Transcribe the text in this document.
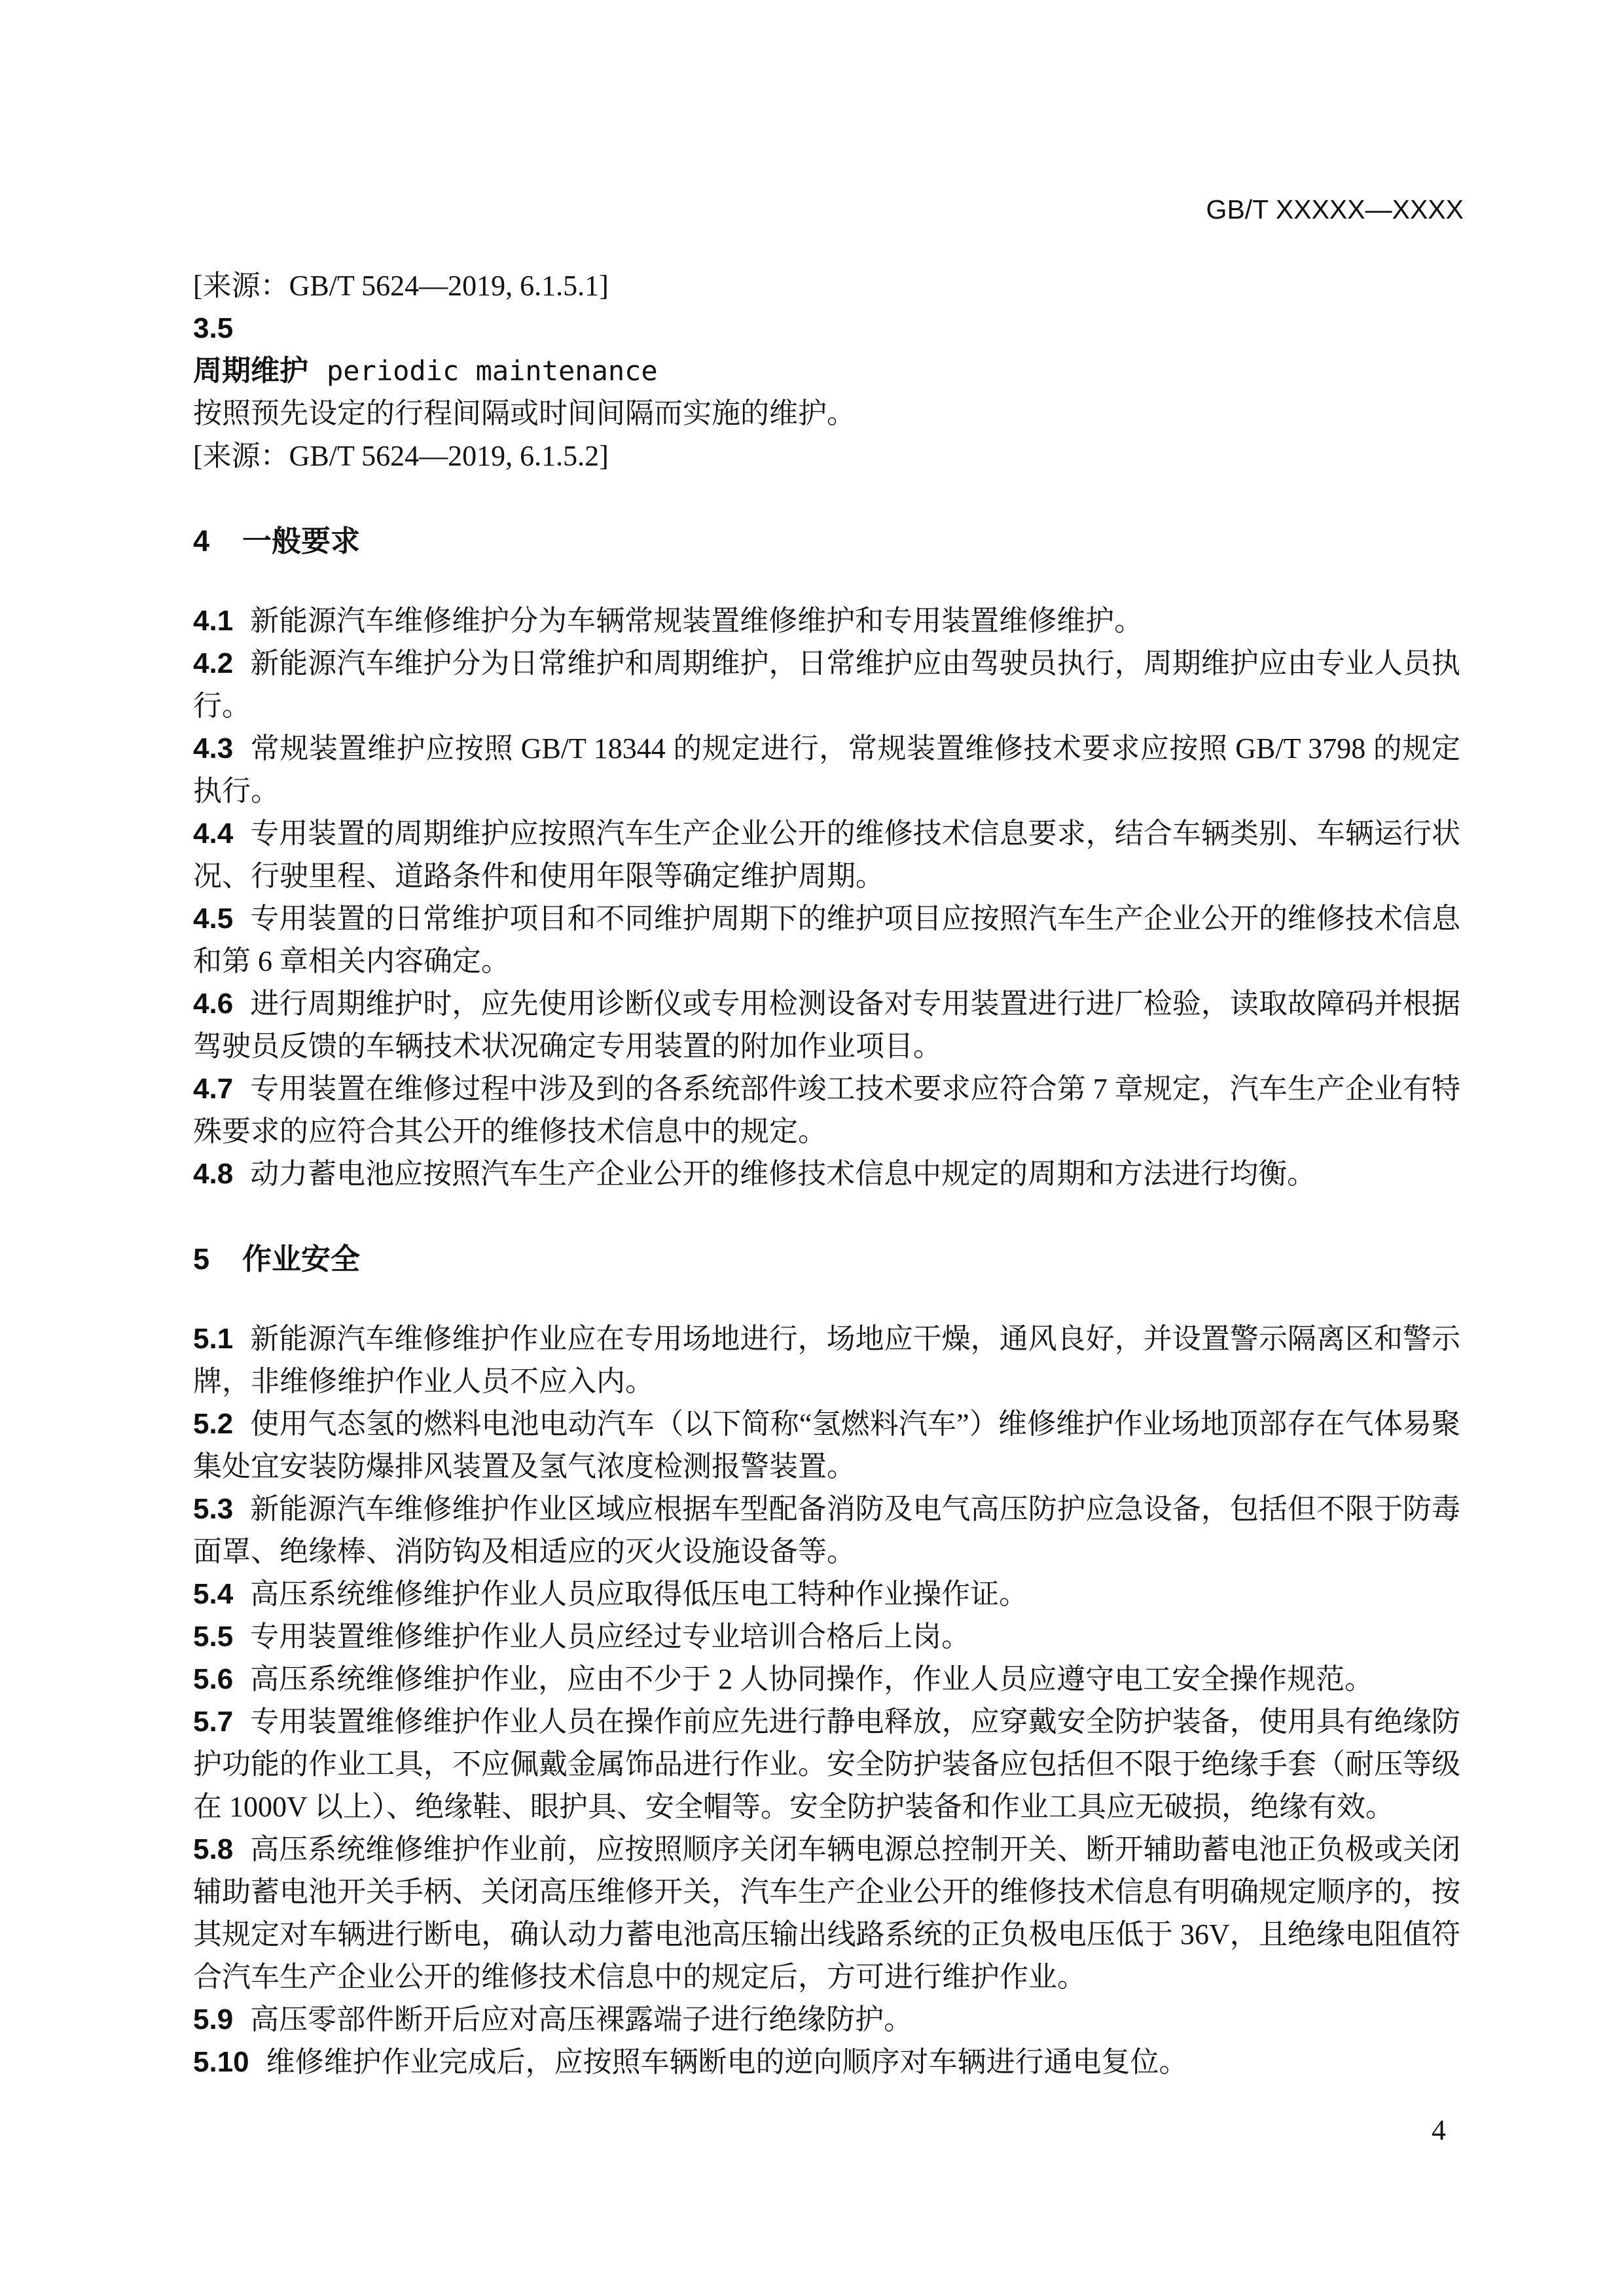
GB/T XXXXX—XXXX

[来源：GB/T 5624—2019, 6.1.5.1]

3.5

周期维护 periodic maintenance

按照预先设定的行程间隔或时间间隔而实施的维护。

[来源：GB/T 5624—2019, 6.1.5.2]

4 一般要求

4.1 新能源汽车维修维护分为车辆常规装置维修维护和专用装置维修维护。

4.2 新能源汽车维护分为日常维护和周期维护，日常维护应由驾驶员执行，周期维护应由专业人员执行。

4.3 常规装置维护应按照 GB/T 18344 的规定进行，常规装置维修技术要求应按照 GB/T 3798 的规定执行。

4.4 专用装置的周期维护应按照汽车生产企业公开的维修技术信息要求，结合车辆类别、车辆运行状况、行驶里程、道路条件和使用年限等确定维护周期。

4.5 专用装置的日常维护项目和不同维护周期下的维护项目应按照汽车生产企业公开的维修技术信息和第 6 章相关内容确定。

4.6 进行周期维护时，应先使用诊断仪或专用检测设备对专用装置进行进厂检验，读取故障码并根据驾驶员反馈的车辆技术状况确定专用装置的附加作业项目。

4.7 专用装置在维修过程中涉及到的各系统部件竣工技术要求应符合第 7 章规定，汽车生产企业有特殊要求的应符合其公开的维修技术信息中的规定。

4.8 动力蓄电池应按照汽车生产企业公开的维修技术信息中规定的周期和方法进行均衡。

5 作业安全

5.1 新能源汽车维修维护作业应在专用场地进行，场地应干燥，通风良好，并设置警示隔离区和警示牌，非维修维护作业人员不应入内。

5.2 使用气态氢的燃料电池电动汽车（以下简称“氢燃料汽车”）维修维护作业场地顶部存在气体易聚集处宜安装防爆排风装置及氢气浓度检测报警装置。

5.3 新能源汽车维修维护作业区域应根据车型配备消防及电气高压防护应急设备，包括但不限于防毒面罩、绝缘棒、消防钩及相适应的灭火设施设备等。

5.4 高压系统维修维护作业人员应取得低压电工特种作业操作证。

5.5 专用装置维修维护作业人员应经过专业培训合格后上岗。

5.6 高压系统维修维护作业，应由不少于 2 人协同操作，作业人员应遵守电工安全操作规范。

5.7 专用装置维修维护作业人员在操作前应先进行静电释放，应穿戴安全防护装备，使用具有绝缘防护功能的作业工具，不应佩戴金属饰品进行作业。安全防护装备应包括但不限于绝缘手套（耐压等级在 1000V 以上）、绝缘鞋、眼护具、安全帽等。安全防护装备和作业工具应无破损，绝缘有效。

5.8 高压系统维修维护作业前，应按照顺序关闭车辆电源总控制开关、断开辅助蓄电池正负极或关闭辅助蓄电池开关手柄、关闭高压维修开关，汽车生产企业公开的维修技术信息有明确规定顺序的，按其规定对车辆进行断电，确认动力蓄电池高压输出线路系统的正负极电压低于 36V，且绝缘电阻值符合汽车生产企业公开的维修技术信息中的规定后，方可进行维护作业。

5.9 高压零部件断开后应对高压裸露端子进行绝缘防护。

5.10 维修维护作业完成后，应按照车辆断电的逆向顺序对车辆进行通电复位。

4
